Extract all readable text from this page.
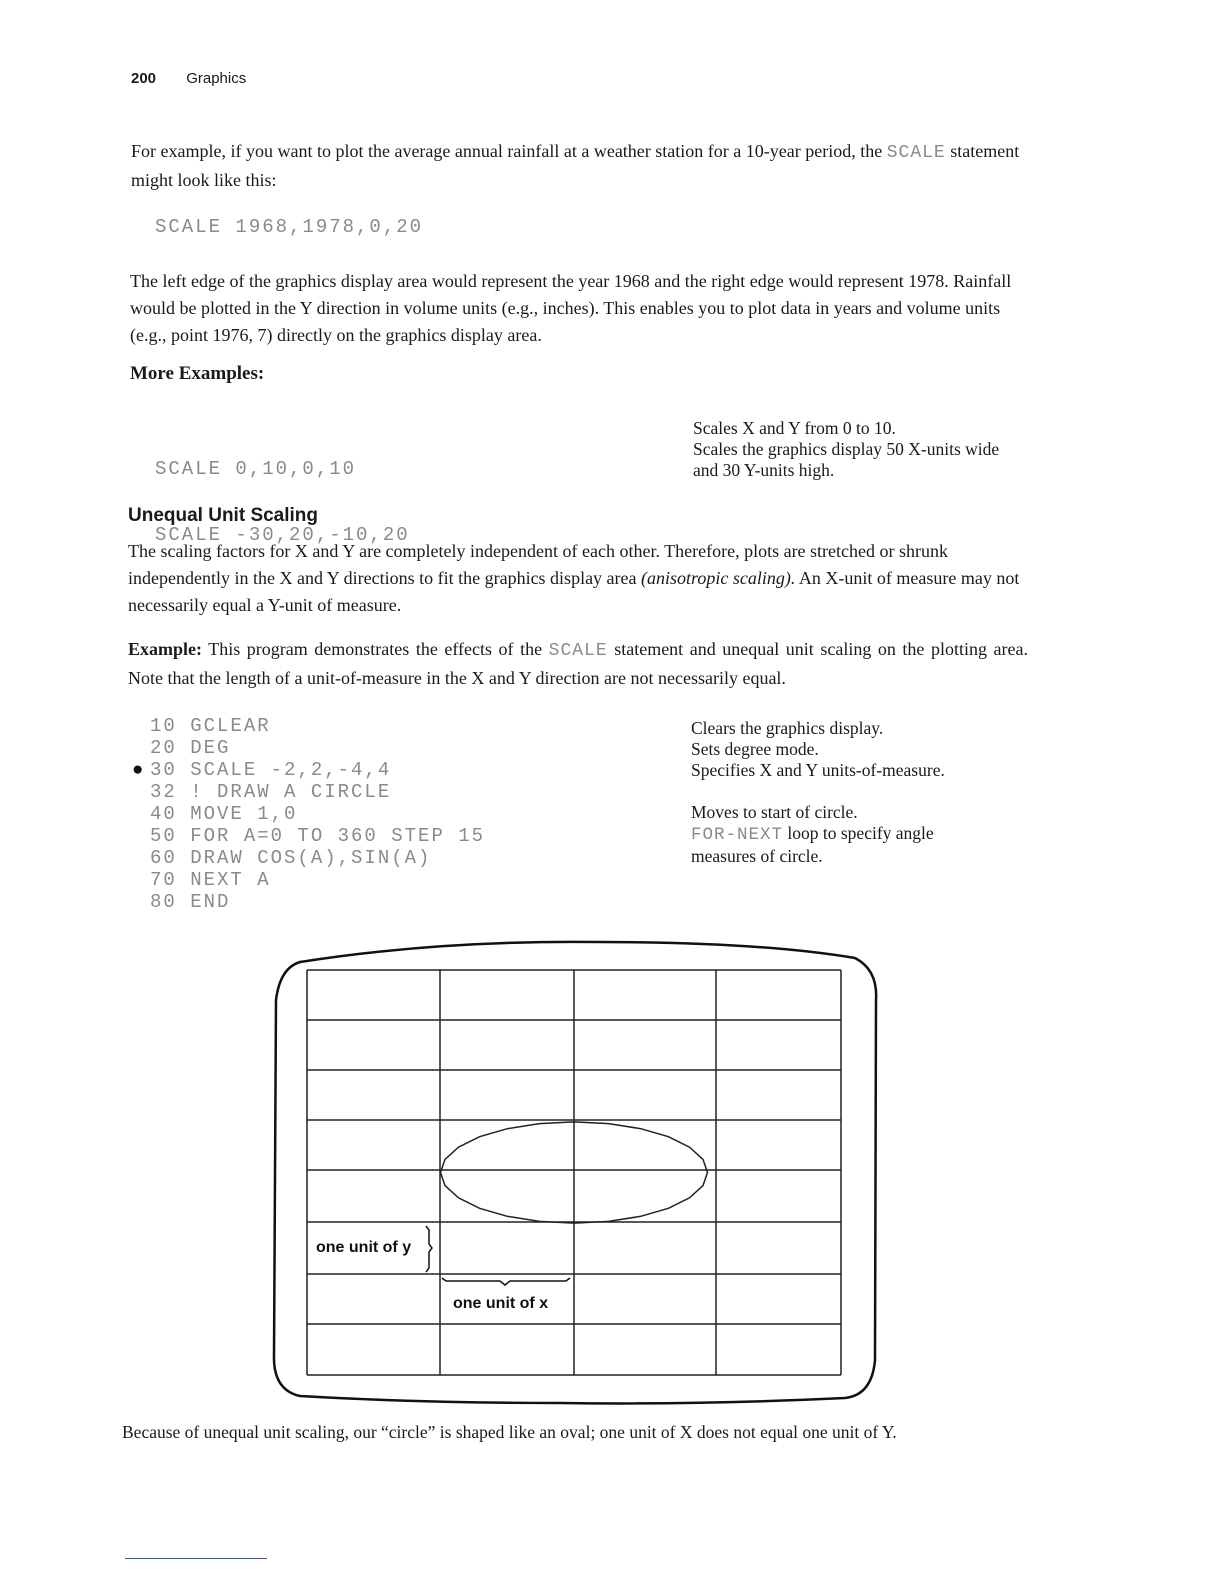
200 Graphics

For example, if you want to plot the average annual rainfall at a weather station for a 10-year period, the SCALE statement might look like this:

SCALE 1968,1978,0,20

The left edge of the graphics display area would represent the year 1968 and the right edge would represent 1978. Rainfall would be plotted in the Y direction in volume units (e.g., inches). This enables you to plot data in years and volume units (e.g., point 1976, 7) directly on the graphics display area.

More Examples:

SCALE 0,10,0,10

SCALE -30,20,-10,20

Scales X and Y from 0 to 10.
Scales the graphics display 50 X-units wide and 30 Y-units high.
Unequal Unit Scaling

The scaling factors for X and Y are completely independent of each other. Therefore, plots are stretched or shrunk independently in the X and Y directions to fit the graphics display area (anisotropic scaling). An X-unit of measure may not necessarily equal a Y-unit of measure.

Example: This program demonstrates the effects of the SCALE statement and unequal unit scaling on the plotting area. Note that the length of a unit-of-measure in the X and Y direction are not necessarily equal.

10 GCLEAR
20 DEG
● 30 SCALE -2,2,-4,4
32 ! DRAW A CIRCLE
40 MOVE 1,0
50 FOR A=0 TO 360 STEP 15
60 DRAW COS(A),SIN(A)
70 NEXT A
80 END
Clears the graphics display.
Sets degree mode.
Specifies X and Y units-of-measure.
Moves to start of circle.
FOR-NEXT loop to specify angle
measures of circle.
one unit of y
one unit of x
Because of unequal unit scaling, our “circle” is shaped like an oval; one unit of X does not equal one unit of Y.
